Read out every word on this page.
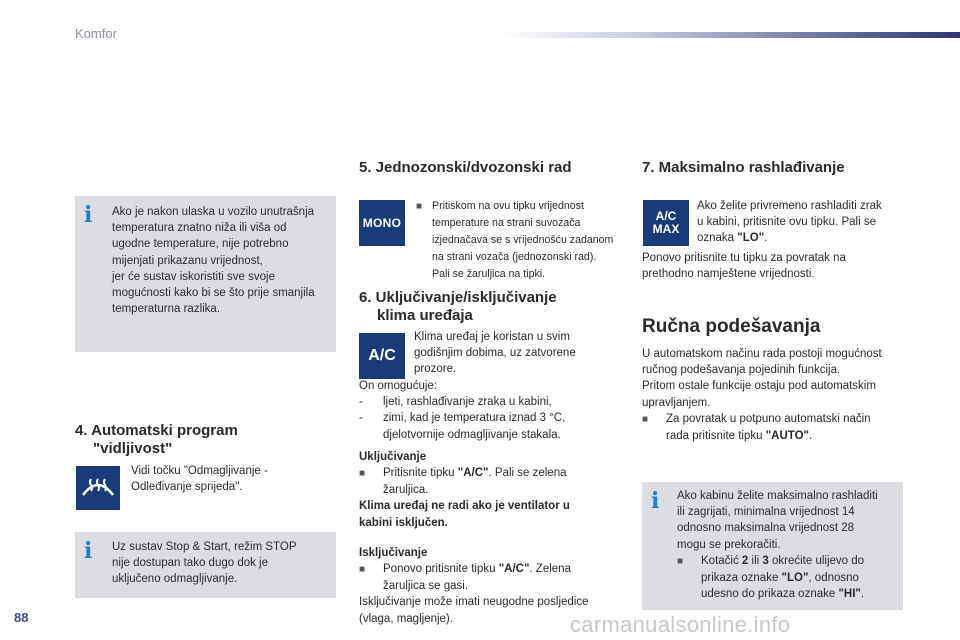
Komfor
i Ako je nakon ulaska u vozilo unutrašnja
temperatura znatno niža ili viša od
ugodne temperature, nije potrebno
mijenjati prikazanu vrijednost,
jer će sustav iskoristiti sve svoje
mogućnosti kako bi se što prije smanjila
temperaturna razlika.
4. Automatski program
"vidljivost"
Vidi točku "Odmagljivanje -
Odleđivanje sprijeda".
i Uz sustav Stop & Start, režim STOP
nije dostupan tako dugo dok je
uključeno odmagljivanje.
5. Jednozonski/dvozonski rad
MONO
■ Pritiskom na ovu tipku vrijednost
temperature na strani suvozača
izjednačava se s vrijednošću zadanom
na strani vozača (jednozonski rad).
Pali se žaruljica na tipki.
6. Uključivanje/isključivanje
klima uređaja
A/C
Klima uređaj je koristan u svim
godišnjim dobima, uz zatvorene
prozore.
On omogućuje:
- ljeti, rashlađivanje zraka u kabini,
- zimi, kad je temperatura iznad 3 °C,
djelotvornije odmagljivanje stakala.
Uključivanje
■ Pritisnite tipku "A/C". Pali se zelena
žaruljica.
Klima uređaj ne radi ako je ventilator u
kabini isključen.
Isključivanje
■ Ponovo pritisnite tipku "A/C". Zelena
žaruljica se gasi.
Isključivanje može imati neugodne posljedice
(vlaga, magljenje).
7. Maksimalno rashlađivanje
A/C
MAX
Ako želite privremeno rashladiti zrak
u kabini, pritisnite ovu tipku. Pali se
oznaka "LO".
Ponovo pritisnite tu tipku za povratak na
prethodno namještene vrijednosti.
Ručna podešavanja
U automatskom načinu rada postoji mogućnost
ručnog podešavanja pojedinih funkcija.
Pritom ostale funkcije ostaju pod automatskim
upravljanjem.
■ Za povratak u potpuno automatski način
rada pritisnite tipku "AUTO".
i Ako kabinu želite maksimalno rashladiti
ili zagrijati, minimalna vrijednost 14
odnosno maksimalna vrijednost 28
mogu se prekoračiti.
■ Kotačić 2 ili 3 okrećite ulijevo do
prikaza oznake "LO", odnosno
udesno do prikaza oznake "HI".
88	carmanualsonline.info
